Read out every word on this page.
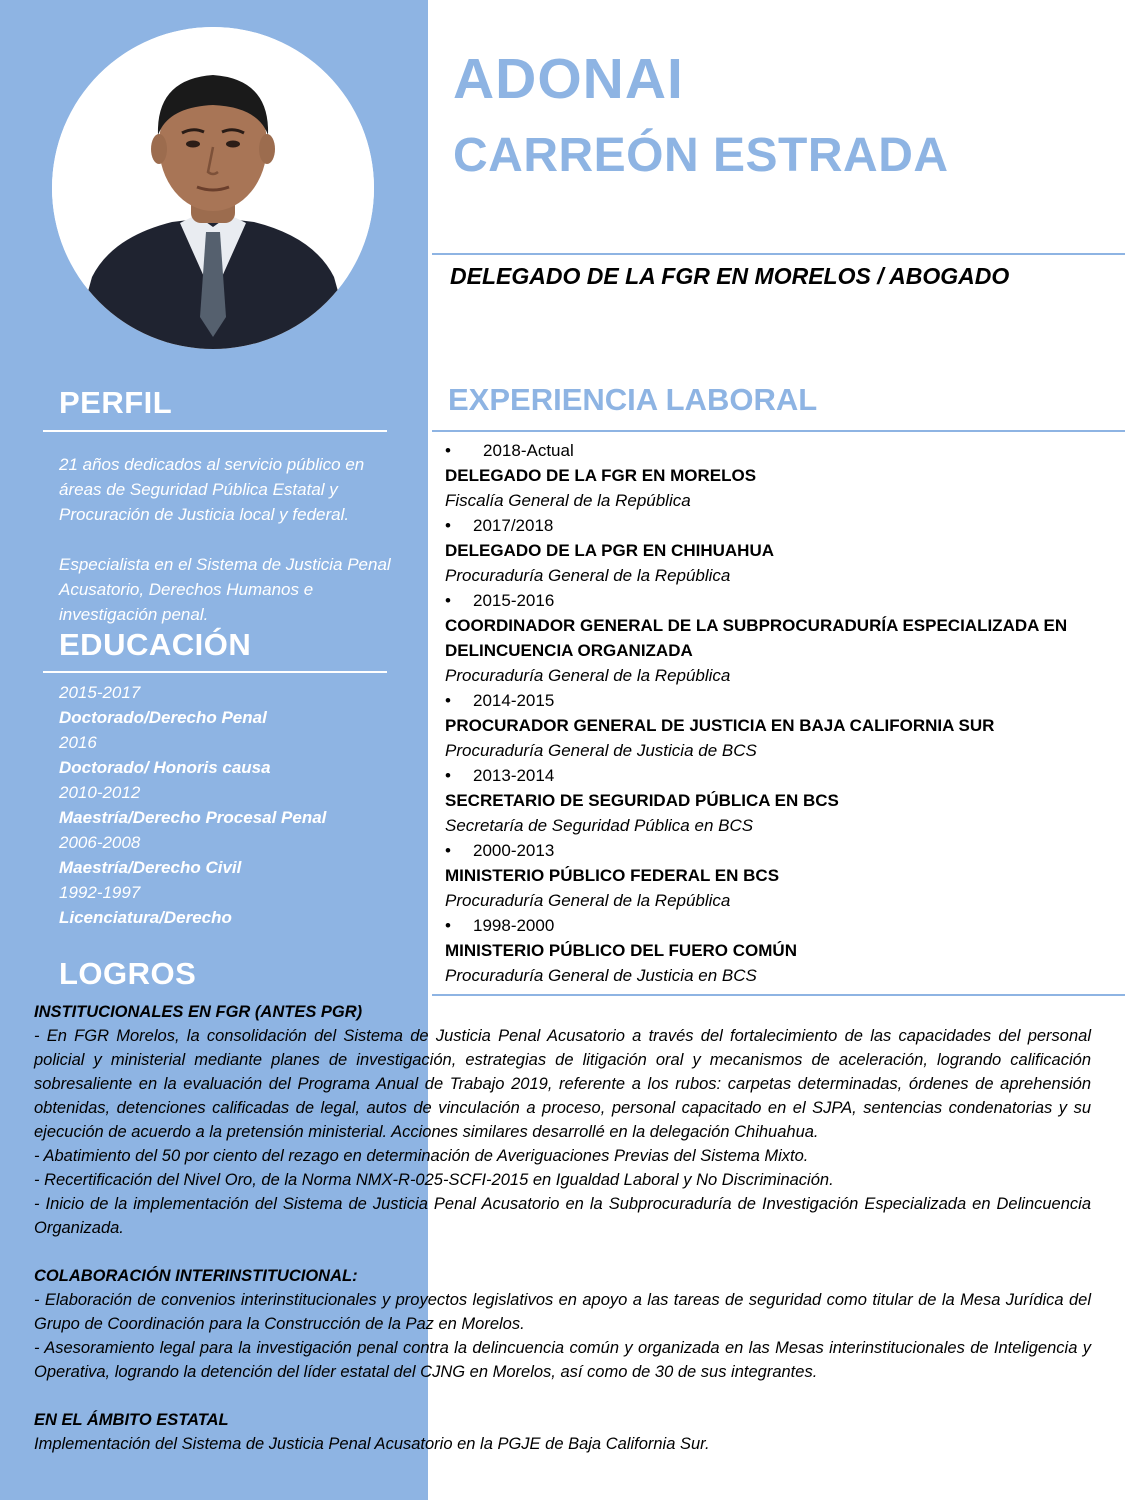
PERFIL

21 años dedicados al servicio público en áreas de Seguridad Pública Estatal y Procuración de Justicia local y federal.

Especialista en el Sistema de Justicia Penal Acusatorio, Derechos Humanos e investigación penal.

EDUCACIÓN
2015-2017
Doctorado/Derecho Penal
2016
Doctorado/ Honoris causa
2010-2012
Maestría/Derecho Procesal Penal
2006-2008
Maestría/Derecho Civil
1992-1997
Licenciatura/Derecho
LOGROS
ADONAI
CARREÓN ESTRADA

DELEGADO DE LA FGR EN MORELOS / ABOGADO

EXPERIENCIA LABORAL
• 2018-Actual
DELEGADO DE LA FGR EN MORELOS
Fiscalía General de la República
• 2017/2018
DELEGADO DE LA PGR EN CHIHUAHUA
Procuraduría General de la República
• 2015-2016
COORDINADOR GENERAL DE LA SUBPROCURADURÍA ESPECIALIZADA EN DELINCUENCIA ORGANIZADA
Procuraduría General de la República
• 2014-2015
PROCURADOR GENERAL DE JUSTICIA EN BAJA CALIFORNIA SUR
Procuraduría General de Justicia de BCS
• 2013-2014
SECRETARIO DE SEGURIDAD PÚBLICA EN BCS
Secretaría de Seguridad Pública en BCS
• 2000-2013
MINISTERIO PÚBLICO FEDERAL EN BCS
Procuraduría General de la República
• 1998-2000
MINISTERIO PÚBLICO DEL FUERO COMÚN
Procuraduría General de Justicia en BCS

INSTITUCIONALES EN FGR (ANTES PGR)

- En FGR Morelos, la consolidación del Sistema de Justicia Penal Acusatorio a través del fortalecimiento de las capacidades del personal policial y ministerial mediante planes de investigación, estrategias de litigación oral y mecanismos de aceleración, logrando calificación sobresaliente en la evaluación del Programa Anual de Trabajo 2019, referente a los rubos: carpetas determinadas, órdenes de aprehensión obtenidas, detenciones calificadas de legal, autos de vinculación a proceso, personal capacitado en el SJPA, sentencias condenatorias y su ejecución de acuerdo a la pretensión ministerial. Acciones similares desarrollé en la delegación Chihuahua.

- Abatimiento del 50 por ciento del rezago en determinación de Averiguaciones Previas del Sistema Mixto.

- Recertificación del Nivel Oro, de la Norma NMX-R-025-SCFI-2015 en Igualdad Laboral y No Discriminación.

- Inicio de la implementación del Sistema de Justicia Penal Acusatorio en la Subprocuraduría de Investigación Especializada en Delincuencia Organizada.

COLABORACIÓN INTERINSTITUCIONAL:

- Elaboración de convenios interinstitucionales y proyectos legislativos en apoyo a las tareas de seguridad como titular de la Mesa Jurídica del Grupo de Coordinación para la Construcción de la Paz en Morelos.

- Asesoramiento legal para la investigación penal contra la delincuencia común y organizada en las Mesas interinstitucionales de Inteligencia y Operativa, logrando la detención del líder estatal del CJNG en Morelos, así como de 30 de sus integrantes.

EN EL ÁMBITO ESTATAL

Implementación del Sistema de Justicia Penal Acusatorio en la PGJE de Baja California Sur.
